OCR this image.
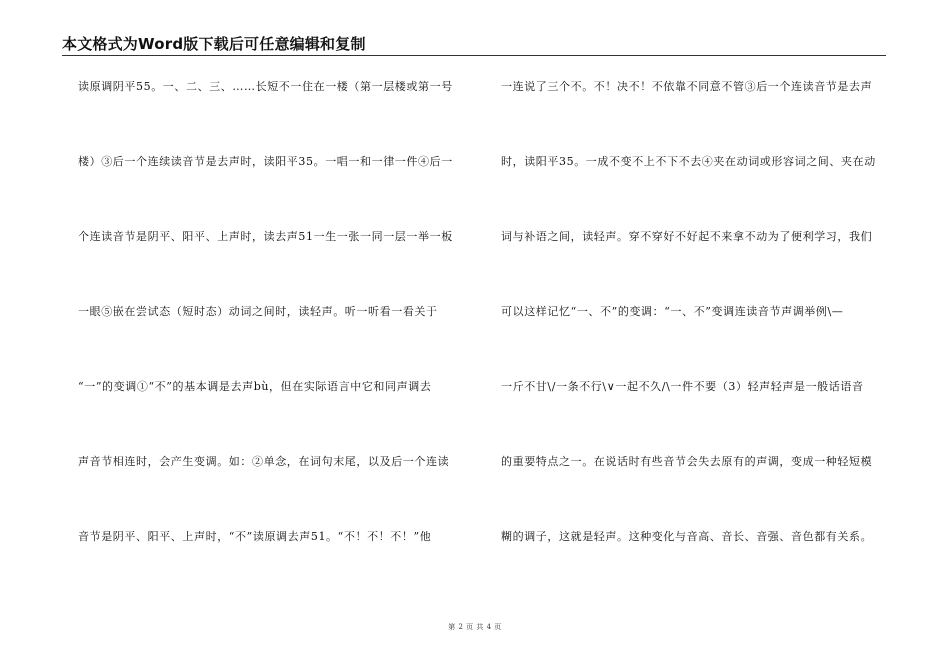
本文格式为Word版下载后可任意编辑和复制
读原调阴平55。一、二、三、……长短不一住在一楼（第一层楼或第一号
楼）③后一个连续读音节是去声时，读阳平35。一唱一和一律一件④后一
个连读音节是阴平、阳平、上声时，读去声51一生一张一同一层一举一板
一眼⑤嵌在尝试态（短时态）动词之间时，读轻声。听一听看一看关于
“一”的变调①“不”的基本调是去声bù，但在实际语言中它和同声调去
声音节相连时，会产生变调。如：②单念，在词句末尾，以及后一个连读
音节是阴平、阳平、上声时，“不”读原调去声51。“不！不！不！”他
一连说了三个不。不！决不！不依靠不同意不管③后一个连读音节是去声
时，读阳平35。一成不变不上不下不去④夹在动词或形容词之间、夹在动
词与补语之间，读轻声。穿不穿好不好起不来拿不动为了便利学习，我们
可以这样记忆“一、不”的变调：“一、不”变调连读音节声调举例\—
一斤不甘\/一条不行\∨一起不久/\一件不要（3）轻声轻声是一般话语音
的重要特点之一。在说话时有些音节会失去原有的声调，变成一种轻短模
糊的调子，这就是轻声。这种变化与音高、音长、音强、音色都有关系。
第 2 页 共 4 页
